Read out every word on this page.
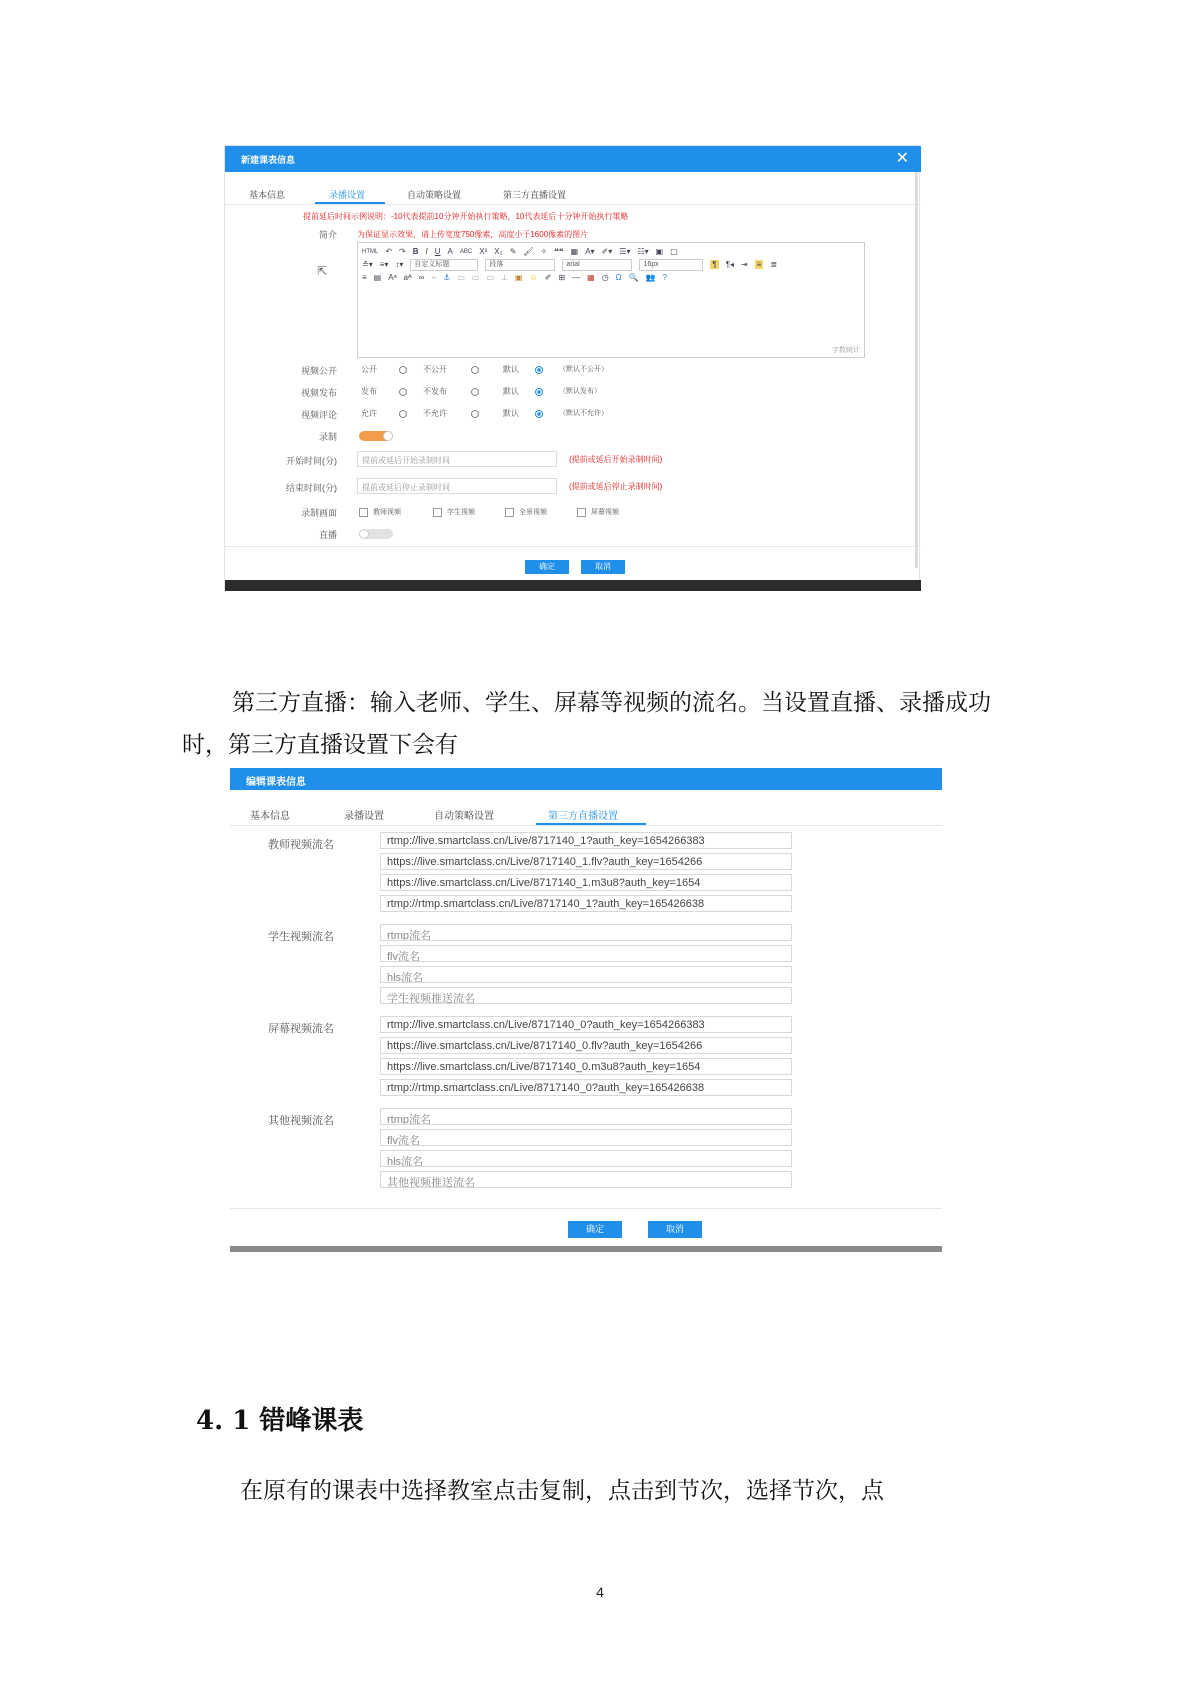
新建课表信息	✕
基本信息	录播设置	自动策略设置	第三方直播设置
提前延后时间示例说明：-10代表提前10分钟开始执行策略，10代表延后十分钟开始执行策略
简介	为保证显示效果，请上传宽度750像素，高度小于1600像素的图片
⇱
HTML ↶ ↷ B I U A ABC X² X₂ ✎ 🖌 ✧ ❝❝ ▦ A▾ ✐▾ ☰▾ ☷▾ ▣ ▢
≛▾ ≡▾ ↕▾	自定义标题	段落	arial	16px	¶ ¶◂ ⇥ ≡ ≣
≡ ▤ Aᵃ aᴬ ∞ ⌁ ⚓ ▭ ▭ ▭ ⊥ ▣ ☺ ✐ ⊞ — ▦ ◷ Ω 🔍 👥 ?
字数统计
视频公开	公开	不公开	默认	（默认不公开）
视频发布	发布	不发布	默认	（默认发布）
视频评论	允许	不允许	默认	（默认不允许）
录制
开始时间(分)	提前或延后开始录制时间	(提前或延后开始录制时间)
结束时间(分)	提前或延后停止录制时间	(提前或延后停止录制时间)
录制画面	教师视频	学生视频	全景视频	屏幕视频
直播
确定	取消
第三方直播：输入老师、学生、屏幕等视频的流名。当设置直播、录播成功
时，第三方直播设置下会有
编辑课表信息
基本信息	录播设置	自动策略设置	第三方直播设置
教师视频流名	rtmp://live.smartclass.cn/Live/8717140_1?auth_key=1654266383
https://live.smartclass.cn/Live/8717140_1.flv?auth_key=1654266
https://live.smartclass.cn/Live/8717140_1.m3u8?auth_key=1654
rtmp://rtmp.smartclass.cn/Live/8717140_1?auth_key=165426638
学生视频流名	rtmp流名
flv流名
hls流名
学生视频推送流名
屏幕视频流名	rtmp://live.smartclass.cn/Live/8717140_0?auth_key=1654266383
https://live.smartclass.cn/Live/8717140_0.flv?auth_key=1654266
https://live.smartclass.cn/Live/8717140_0.m3u8?auth_key=1654
rtmp://rtmp.smartclass.cn/Live/8717140_0?auth_key=165426638
其他视频流名	rtmp流名
flv流名
hls流名
其他视频推送流名
确定	取消
4. 1 错峰课表
在原有的课表中选择教室点击复制，点击到节次，选择节次，点
4
